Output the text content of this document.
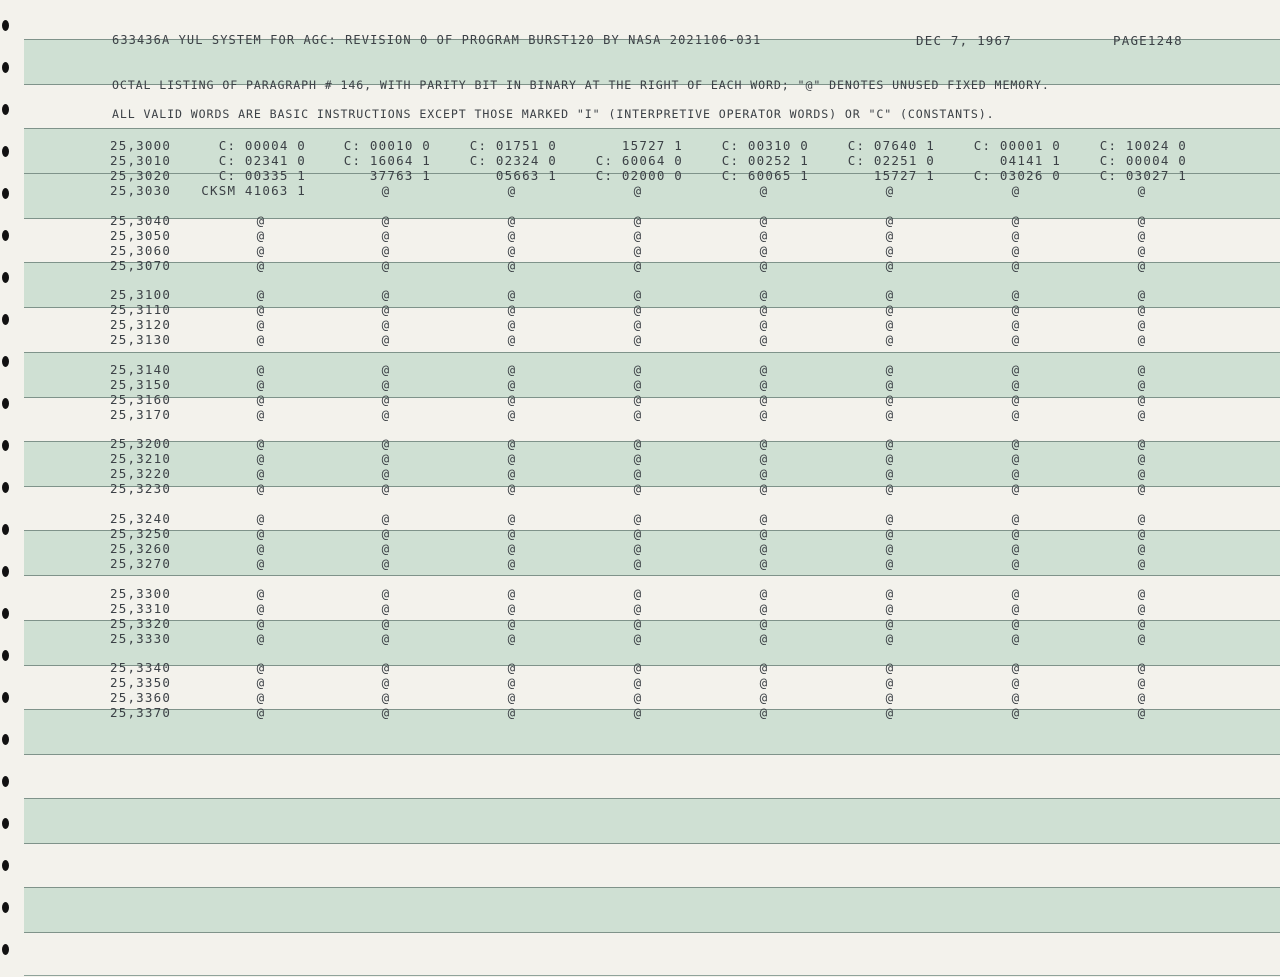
633436A YUL SYSTEM FOR AGC: REVISION 0 OF PROGRAM BURST120 BY NASA 2021106-031	DEC 7, 1967	PAGE1248
OCTAL LISTING OF PARAGRAPH # 146, WITH PARITY BIT IN BINARY AT THE RIGHT OF EACH WORD; "@" DENOTES UNUSED FIXED MEMORY.
ALL VALID WORDS ARE BASIC INSTRUCTIONS EXCEPT THOSE MARKED "I" (INTERPRETIVE OPERATOR WORDS) OR "C" (CONSTANTS).
25,3000	C: 00004 0	C: 00010 0	C: 01751 0	15727 1	C: 00310 0	C: 07640 1	C: 00001 0	C: 10024 0
25,3010	C: 02341 0	C: 16064 1	C: 02324 0	C: 60064 0	C: 00252 1	C: 02251 0	04141 1	C: 00004 0
25,3020	C: 00335 1	37763 1	05663 1	C: 02000 0	C: 60065 1	15727 1	C: 03026 0	C: 03027 1
25,3030	CKSM 41063 1	@	@	@	@	@	@	@
25,3040	@	@	@	@	@	@	@	@
25,3050	@	@	@	@	@	@	@	@
25,3060	@	@	@	@	@	@	@	@
25,3070	@	@	@	@	@	@	@	@
25,3100	@	@	@	@	@	@	@	@
25,3110	@	@	@	@	@	@	@	@
25,3120	@	@	@	@	@	@	@	@
25,3130	@	@	@	@	@	@	@	@
25,3140	@	@	@	@	@	@	@	@
25,3150	@	@	@	@	@	@	@	@
25,3160	@	@	@	@	@	@	@	@
25,3170	@	@	@	@	@	@	@	@
25,3200	@	@	@	@	@	@	@	@
25,3210	@	@	@	@	@	@	@	@
25,3220	@	@	@	@	@	@	@	@
25,3230	@	@	@	@	@	@	@	@
25,3240	@	@	@	@	@	@	@	@
25,3250	@	@	@	@	@	@	@	@
25,3260	@	@	@	@	@	@	@	@
25,3270	@	@	@	@	@	@	@	@
25,3300	@	@	@	@	@	@	@	@
25,3310	@	@	@	@	@	@	@	@
25,3320	@	@	@	@	@	@	@	@
25,3330	@	@	@	@	@	@	@	@
25,3340	@	@	@	@	@	@	@	@
25,3350	@	@	@	@	@	@	@	@
25,3360	@	@	@	@	@	@	@	@
25,3370	@	@	@	@	@	@	@	@
